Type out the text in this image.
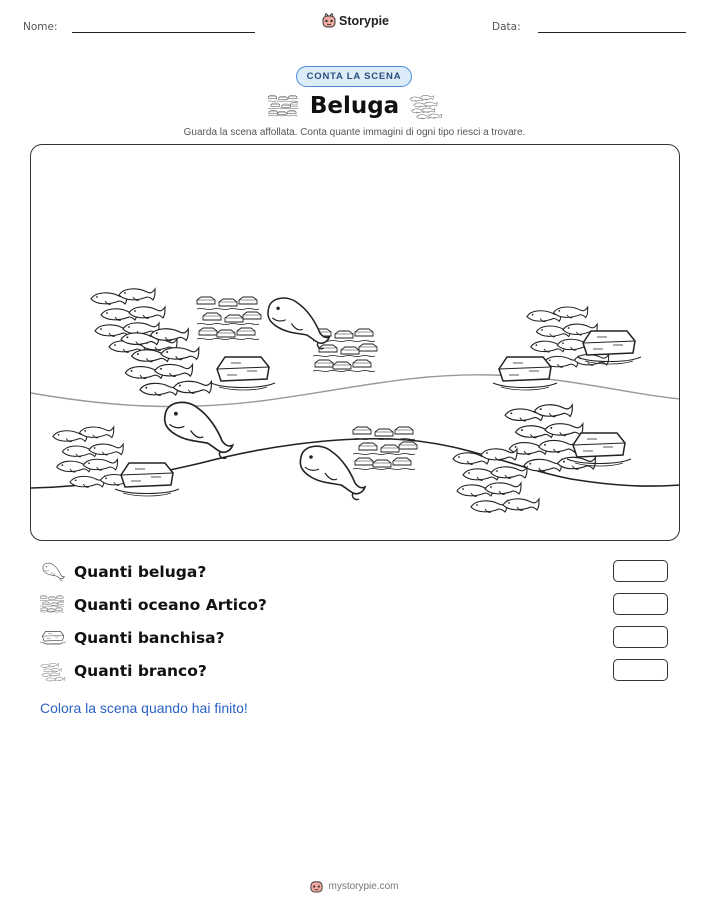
Nome:	Storypie	Data:
CONTA LA SCENA
Beluga
Guarda la scena affollata. Conta quante immagini di ogni tipo riesci a trovare.
Quanti beluga?
Quanti oceano Artico?
Quanti banchisa?
Quanti branco?
Colora la scena quando hai finito!
mystorypie.com
